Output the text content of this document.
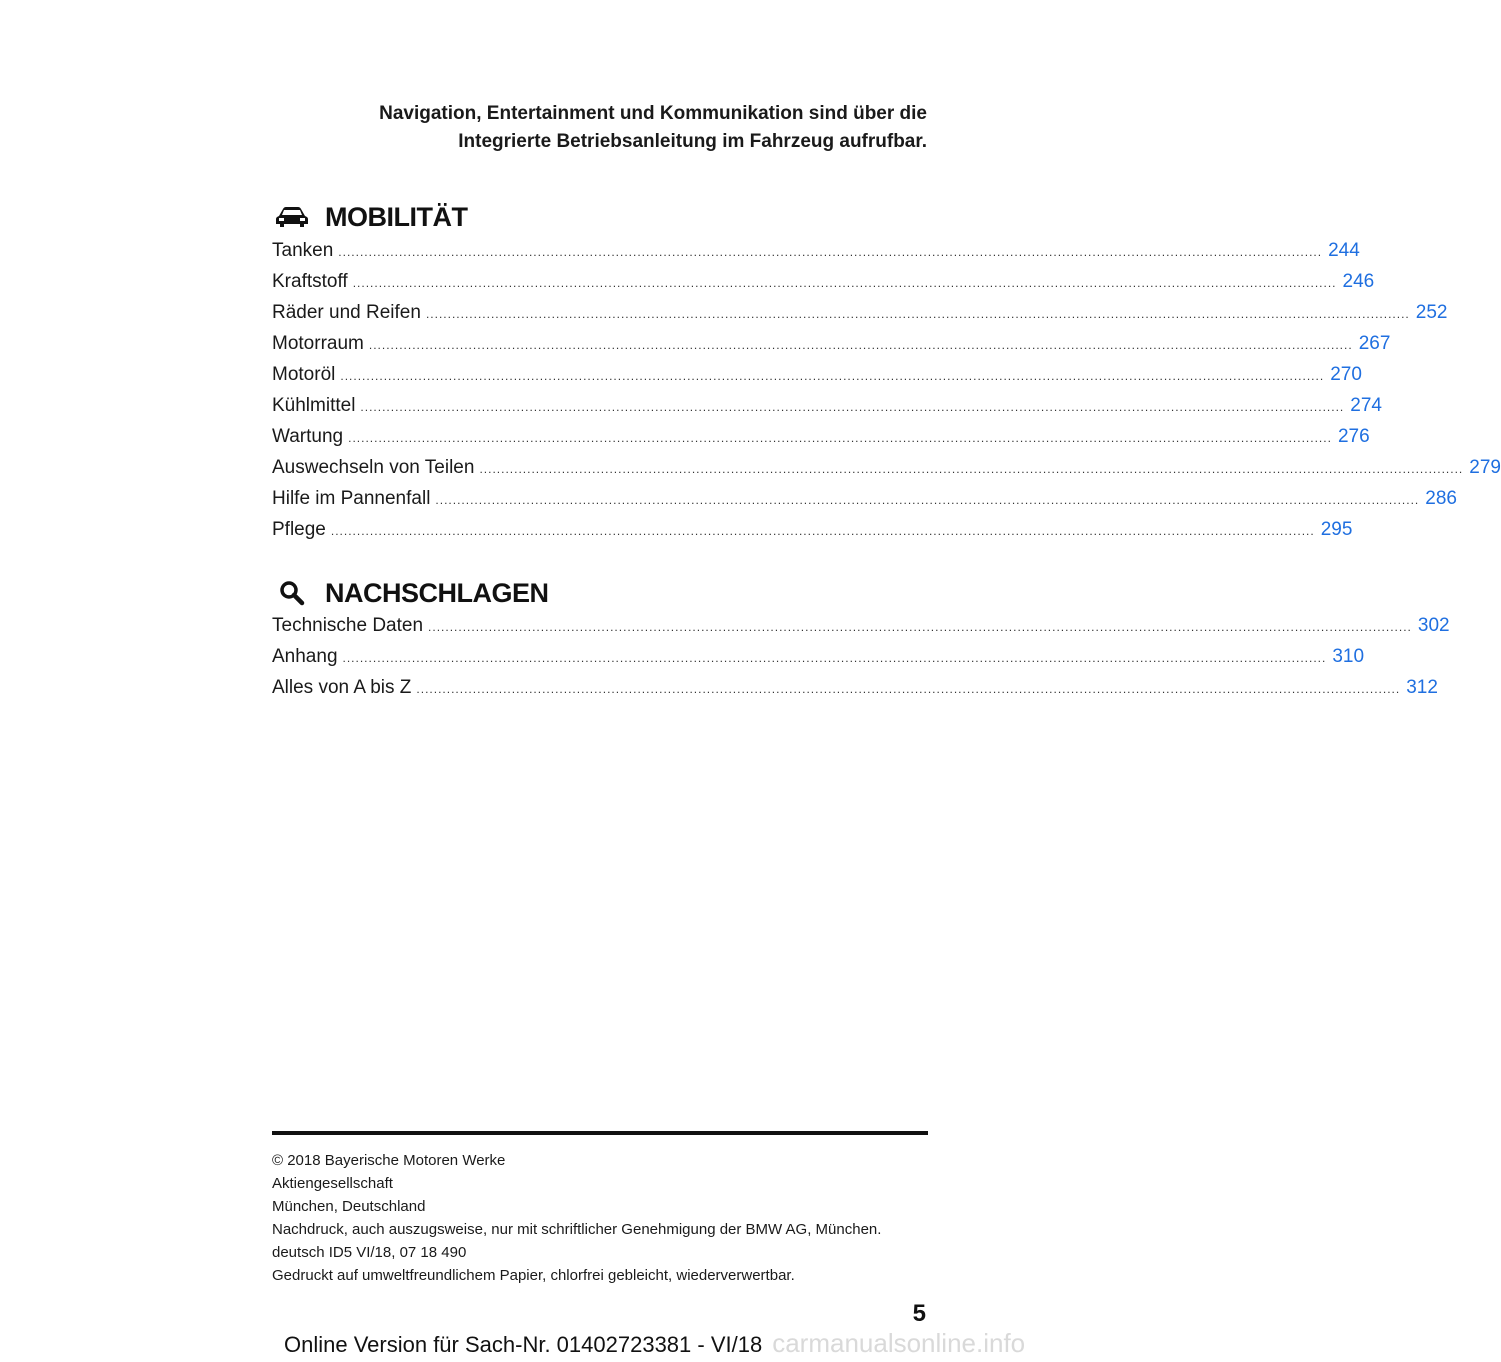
Navigation, Entertainment und Kommunikation sind über die
Integrierte Betriebsanleitung im Fahrzeug aufrufbar.
MOBILITÄT
Tanken .....	244
Kraftstoff .....	246
Räder und Reifen .....	252
Motorraum .....	267
Motoröl .....	270
Kühlmittel .....	274
Wartung .....	276
Auswechseln von Teilen .....	279
Hilfe im Pannenfall .....	286
Pflege .....	295
NACHSCHLAGEN
Technische Daten .....	302
Anhang .....	310
Alles von A bis Z .....	312
© 2018 Bayerische Motoren Werke
Aktiengesellschaft
München, Deutschland
Nachdruck, auch auszugsweise, nur mit schriftlicher Genehmigung der BMW AG, München.
deutsch ID5 VI/18, 07 18 490
Gedruckt auf umweltfreundlichem Papier, chlorfrei gebleicht, wiederverwertbar.
5
Online Version für Sach-Nr. 01402723381 - VI/18 carmanualsonline.info
